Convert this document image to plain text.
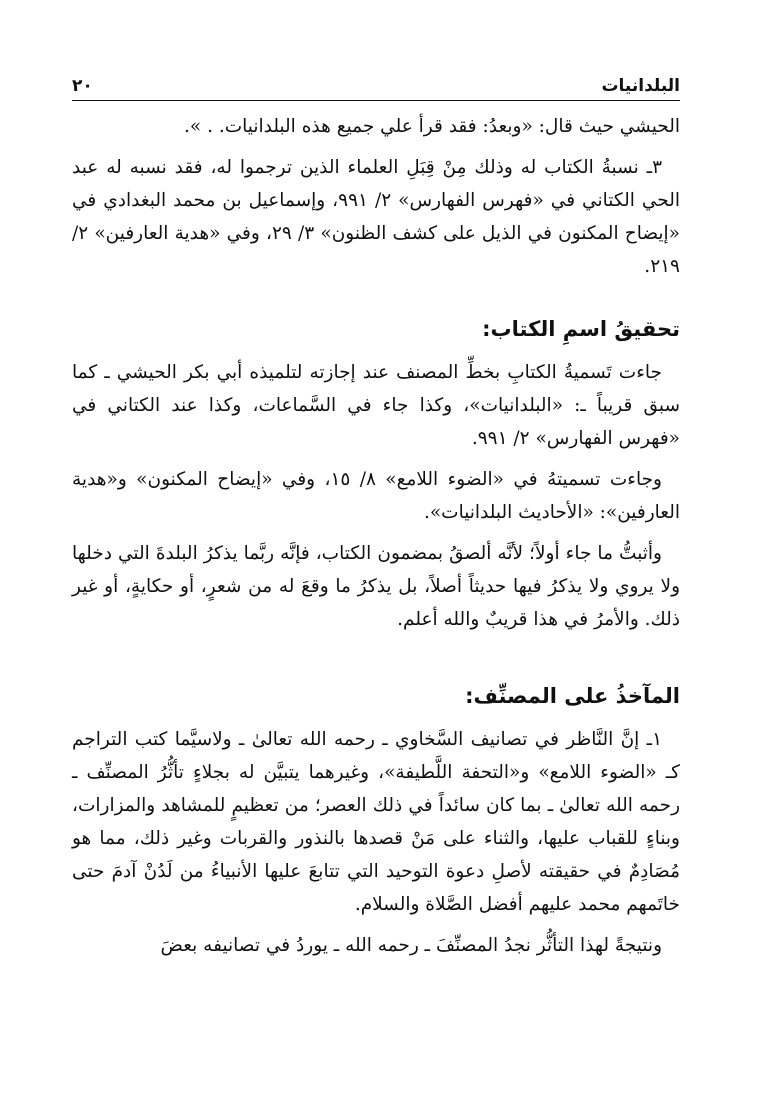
٢٠	البلدانيات

الحيشي حيث قال: «وبعدُ: فقد قرأ علي جميع هذه البلدانيات. . ».

٣ـ نسبةُ الكتاب له وذلك مِنْ قِبَلِ العلماء الذين ترجموا له، فقد نسبه له عبد الحي الكتاني في «فهرس الفهارس» ٢/ ٩٩١، وإسماعيل بن محمد البغدادي في «إيضاح المكنون في الذيل على كشف الظنون» ٣/ ٢٩، وفي «هدية العارفين» ٢/ ٢١٩.

تحقيقُ اسمِ الكتاب:

جاءت تَسميةُ الكتابِ بخطِّ المصنف عند إجازته لتلميذه أبي بكر الحيشي ـ كما سبق قريباً ـ: «البلدانيات»، وكذا جاء في السَّماعات، وكذا عند الكتاني في «فهرس الفهارس» ٢/ ٩٩١.

وجاءت تسميتهُ في «الضوء اللامع» ٨/ ١٥، وفي «إيضاح المكنون» و«هدية العارفين»: «الأحاديث البلدانيات».

وأثبتُّ ما جاء أولاً؛ لأنَّه ألصقُ بمضمون الكتاب، فإنَّه ربَّما يذكرُ البلدةَ التي دخلها ولا يروي ولا يذكرُ فيها حديثاً أصلاً، بل يذكرُ ما وقعَ له من شعرٍ، أو حكايةٍ، أو غير ذلك. والأمرُ في هذا قريبٌ والله أعلم.

المآخذُ على المصنِّف:

١ـ إنَّ النَّاظر في تصانيف السَّخاوي ـ رحمه الله تعالىٰ ـ ولاسيَّما كتب التراجم كـ «الضوء اللامع» و«التحفة اللَّطيفة»، وغيرهما يتبيَّن له بجلاءٍ تأثُّرُ المصنِّف ـ رحمه الله تعالىٰ ـ بما كان سائداً في ذلك العصر؛ من تعظيمٍ للمشاهد والمزارات، وبناءٍ للقباب عليها، والثناء على مَنْ قصدها بالنذور والقربات وغير ذلك، مما هو مُصَادِمٌ في حقيقته لأصلِ دعوة التوحيد التي تتابعَ عليها الأنبياءُ من لَدُنْ آدمَ حتى خاتَمهم محمد عليهم أفضل الصَّلاة والسلام.

ونتيجةً لهذا التأثُّر نجدُ المصنِّفَ ـ رحمه الله ـ يوردُ في تصانيفه بعضَ
